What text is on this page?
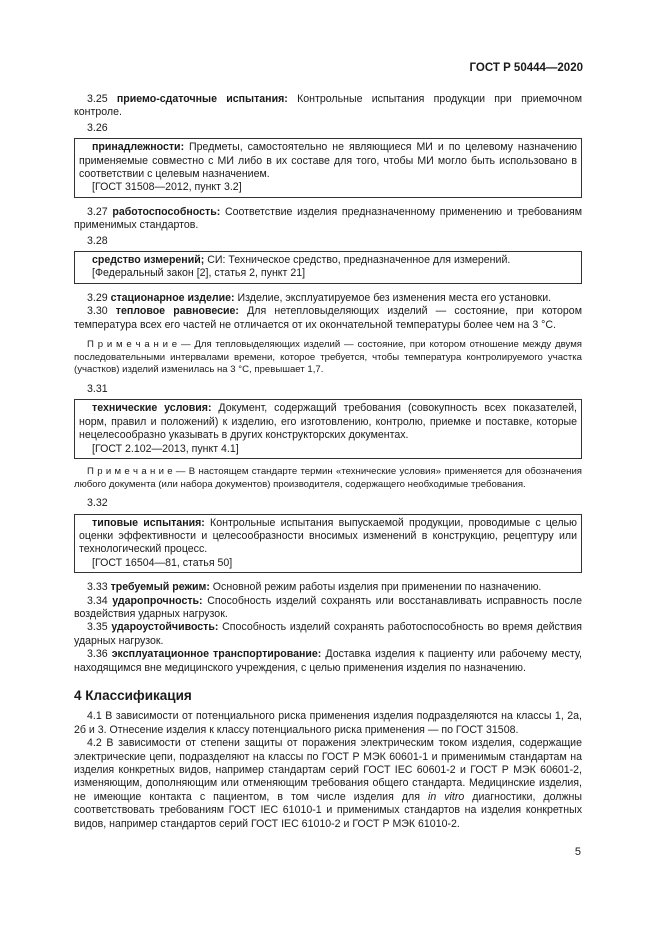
ГОСТ Р 50444—2020

3.25 приемо-сдаточные испытания: Контрольные испытания продукции при приемочном контроле.

3.26

принадлежности: Предметы, самостоятельно не являющиеся МИ и по целевому назначению применяемые совместно с МИ либо в их составе для того, чтобы МИ могло быть использовано в соответствии с целевым назначением.

[ГОСТ 31508—2012, пункт 3.2]

3.27 работоспособность: Соответствие изделия предназначенному применению и требованиям применимых стандартов.

3.28

средство измерений; СИ: Техническое средство, предназначенное для измерений.

[Федеральный закон [2], статья 2, пункт 21]

3.29 стационарное изделие: Изделие, эксплуатируемое без изменения места его установки.

3.30 тепловое равновесие: Для нетепловыделяющих изделий — состояние, при котором температура всех его частей не отличается от их окончательной температуры более чем на 3 °С.

П р и м е ч а н и е — Для тепловыделяющих изделий — состояние, при котором отношение между двумя последовательными интервалами времени, которое требуется, чтобы температура контролируемого участка (участков) изделий изменилась на 3 °С, превышает 1,7.

3.31

технические условия: Документ, содержащий требования (совокупность всех показателей, норм, правил и положений) к изделию, его изготовлению, контролю, приемке и поставке, которые нецелесообразно указывать в других конструкторских документах.

[ГОСТ 2.102—2013, пункт 4.1]

П р и м е ч а н и е — В настоящем стандарте термин «технические условия» применяется для обозначения любого документа (или набора документов) производителя, содержащего необходимые требования.

3.32

типовые испытания: Контрольные испытания выпускаемой продукции, проводимые с целью оценки эффективности и целесообразности вносимых изменений в конструкцию, рецептуру или технологический процесс.

[ГОСТ 16504—81, статья 50]

3.33 требуемый режим: Основной режим работы изделия при применении по назначению.

3.34 ударопрочность: Способность изделий сохранять или восстанавливать исправность после воздействия ударных нагрузок.

3.35 удароустойчивость: Способность изделий сохранять работоспособность во время действия ударных нагрузок.

3.36 эксплуатационное транспортирование: Доставка изделия к пациенту или рабочему месту, находящимся вне медицинского учреждения, с целью применения изделия по назначению.

4 Классификация

4.1 В зависимости от потенциального риска применения изделия подразделяются на классы 1, 2а, 2б и 3. Отнесение изделия к классу потенциального риска применения — по ГОСТ 31508.

4.2 В зависимости от степени защиты от поражения электрическим током изделия, содержащие электрические цепи, подразделяют на классы по ГОСТ Р МЭК 60601-1 и применимым стандартам на изделия конкретных видов, например стандартам серий ГОСТ IEC 60601-2 и ГОСТ Р МЭК 60601-2, изменяющим, дополняющим или отменяющим требования общего стандарта. Медицинские изделия, не имеющие контакта с пациентом, в том числе изделия для in vitro диагностики, должны соответствовать требованиям ГОСТ IEC 61010-1 и применимых стандартов на изделия конкретных видов, например стандартов серий ГОСТ IEC 61010-2 и ГОСТ Р МЭК 61010-2.

5
